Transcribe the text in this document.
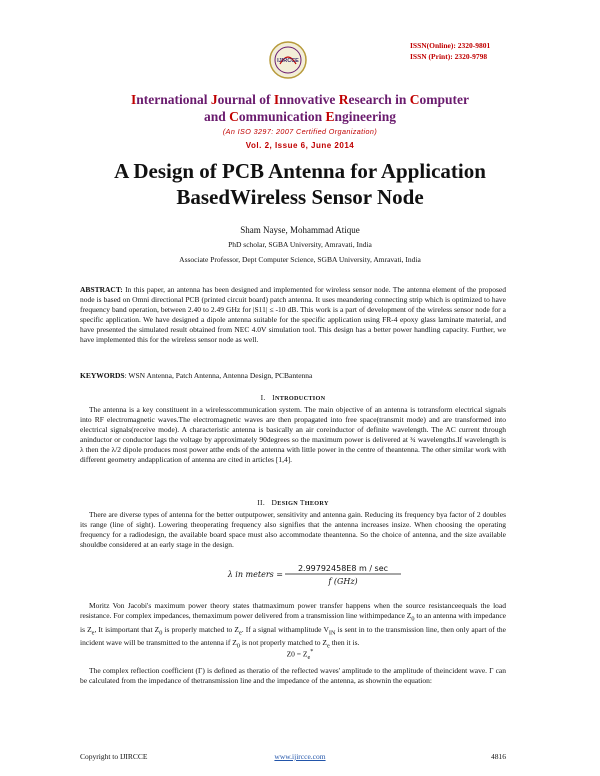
IJIRCCE
ISSN(Online): 2320-9801
ISSN (Print): 2320-9798
International Journal of Innovative Research in Computer
and Communication Engineering
(An ISO 3297: 2007 Certified Organization)
Vol. 2, Issue 6, June 2014
A Design of PCB Antenna for Application
BasedWireless Sensor Node
Sham Nayse, Mohammad Atique
PhD scholar, SGBA University, Amravati, India
Associate Professor, Dept Computer Science, SGBA University, Amravati, India
ABSTRACT: In this paper, an antenna has been designed and implemented for wireless sensor node. The antenna element of the proposed node is based on Omni directional PCB (printed circuit board) patch antenna. It uses meandering connecting strip which is optimized to have frequency band operation, between 2.40 to 2.49 GHz for |S11| ≤ -10 dB. This work is a part of development of the wireless sensor node for a specific application. We have designed a dipole antenna suitable for the specific application using FR-4 epoxy glass laminate material, and have presented the simulated result obtained from NEC 4.0V simulation tool. This design has a better power handling capacity. Further, we have implemented this for the wireless sensor node as well.
KEYWORDS: WSN Antenna, Patch Antenna, Antenna Design, PCBantenna
I. INTRODUCTION
The antenna is a key constituent in a wirelesscommunication system. The main objective of an antenna is totransform electrical signals into RF electromagnetic waves.The electromagnetic waves are then propagated into free space(transmit mode) and are transformed into electrical signals(receive mode). A characteristic antenna is basically an air coreinductor of definite wavelength. The AC current through aninductor or conductor lags the voltage by approximately 90degrees so the maximum power is delivered at ¾ wavelengths.If wavelength is λ then the λ/2 dipole produces most power atthe ends of the antenna with little power in the centre of theantenna. The other similar work with different geometry andapplication of antenna are cited in articles [1,4].
II. DESIGN THEORY
There are diverse types of antenna for the better outputpower, sensitivity and antenna gain. Reducing its frequency bya factor of 2 doubles its range (line of sight). Lowering theoperating frequency also signifies that the antenna increases insize. When choosing the operating frequency for a radiodesign, the available board space must also accommodate theantenna. So the choice of antenna, and the size available shouldbe considered at an early stage in the design.
λ in meters =
2.99792458E8 m / sec
f (GHz)
Moritz Von Jacobi's maximum power theory states thatmaximum power transfer happens when the source resistanceequals the load resistance. For complex impedances, themaximum power delivered from a transmission line withimpedance $Z_0$ to an antenna with impedance is $Z_e$, It isimportant that $Z_0$ is properly matched to $Z_e$. If a signal withamplitude $V_{IN}$ is sent in to the transmission line, then only apart of the incident wave will be transmitted to the antenna if $Z_0$ is not properly matched to $Z_e$ then it is.
$Z0 = Z_e^*$
The complex reflection coefficient (Γ) is defined as theratio of the reflected waves' amplitude to the amplitude of theincident wave. Γ can be calculated from the impedance of thetransmission line and the impedance of the antenna, as shownin the equation:
Copyright to IJIRCCE	www.ijircce.com	4816
